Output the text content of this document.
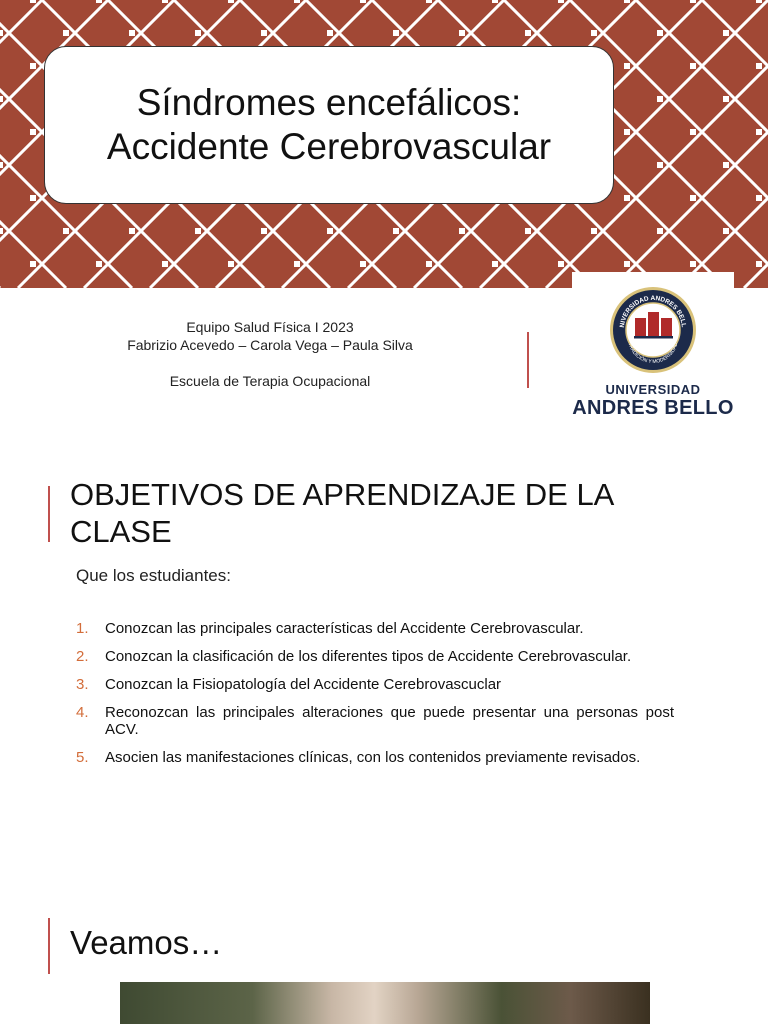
Síndromes encefálicos:
Accidente Cerebrovascular
Equipo Salud Física I 2023
Fabrizio Acevedo – Carola Vega – Paula Silva
Escuela de Terapia Ocupacional
NIVERSIDAD ANDRES BELL
TRADICIÓN Y MODERNIDAD
UNIVERSIDAD
ANDRES BELLO
OBJETIVOS DE APRENDIZAJE DE LA CLASE
Que los estudiantes:
1.	Conozcan las principales características del Accidente Cerebrovascular.
2.	Conozcan la clasificación de los diferentes tipos de Accidente Cerebrovascular.
3.	Conozcan la Fisiopatología del Accidente Cerebrovascuclar
4.	Reconozcan las principales alteraciones que puede presentar una personas post ACV.
5.	Asocien las manifestaciones clínicas, con los contenidos previamente revisados.
Veamos…
